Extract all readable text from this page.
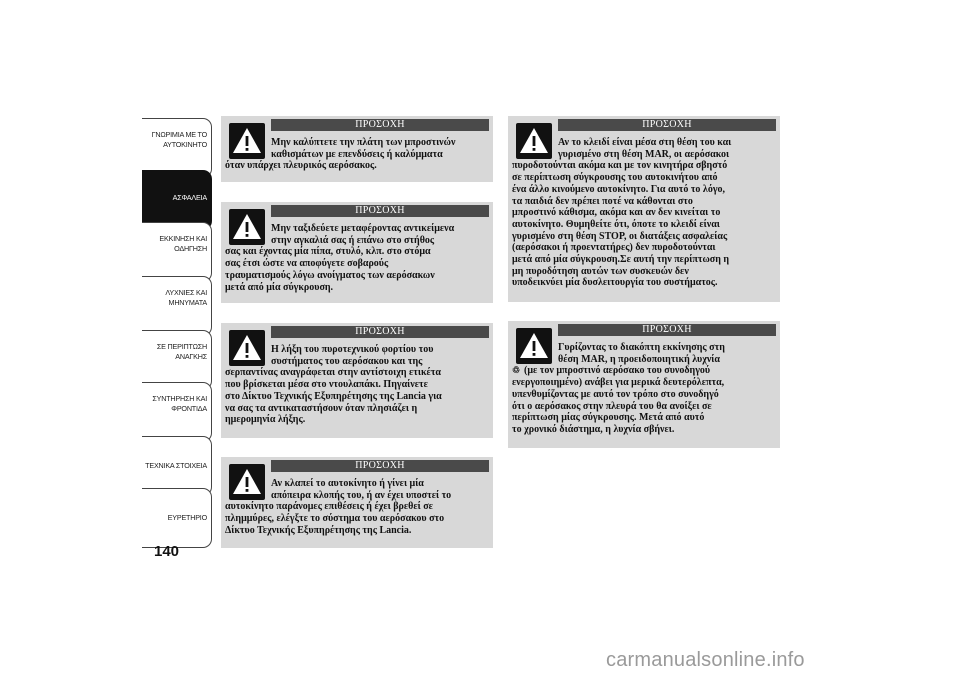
ΓΝΩΡΙΜΙΑ ΜΕ ΤΟ
ΑΥΤΟΚΙΝΗΤΟ
ΑΣΦΑΛΕΙΑ
ΕΚΚΙΝΗΣΗ ΚΑΙ
ΟΔΗΓΗΣΗ
ΛΥΧΝΙΕΣ ΚΑΙ
ΜΗΝΥΜΑΤΑ
ΣΕ ΠΕΡΙΠΤΩΣΗ
ΑΝΑΓΚΗΣ
ΣΥΝΤΗΡΗΣΗ ΚΑΙ
ΦΡΟΝΤΙΔΑ
ΤΕΧΝΙΚΑ ΣΤΟΙΧΕΙΑ
ΕΥΡΕΤΗΡΙΟ
140
ΠΡΟΣΟΧΗ

Μην καλύπτετε την πλάτη των μπροστινών

καθισμάτων με επενδύσεις ή καλύμματα

όταν υπάρχει πλευρικός αερόσακος.

ΠΡΟΣΟΧΗ

Μην ταξιδεύετε μεταφέροντας αντικείμενα

στην αγκαλιά σας ή επάνω στο στήθος

σας και έχοντας μία πίπα, στυλό, κλπ. στο στόμα

σας έτσι ώστε να αποφύγετε σοβαρούς

τραυματισμούς λόγω ανοίγματος των αερόσακων

μετά από μία σύγκρουση.

ΠΡΟΣΟΧΗ

Η λήξη του πυροτεχνικού φορτίου του

συστήματος του αερόσακου και της

σερπαντίνας αναγράφεται στην αντίστοιχη ετικέτα

που βρίσκεται μέσα στο ντουλαπάκι. Πηγαίνετε

στο Δίκτυο Τεχνικής Εξυπηρέτησης της Lancia για

να σας τα αντικαταστήσουν όταν πλησιάζει η

ημερομηνία λήξης.

ΠΡΟΣΟΧΗ

Αν κλαπεί το αυτοκίνητο ή γίνει μία

απόπειρα κλοπής του, ή αν έχει υποστεί το

αυτοκίνητο παράνομες επιθέσεις ή έχει βρεθεί σε

πλημμύρες, ελέγξτε το σύστημα του αερόσακου στο

Δίκτυο Τεχνικής Εξυπηρέτησης της Lancia.

ΠΡΟΣΟΧΗ

Αν το κλειδί είναι μέσα στη θέση του και

γυρισμένο στη θέση MAR, οι αερόσακοι

πυροδοτούνται ακόμα και με τον κινητήρα σβηστό

σε περίπτωση σύγκρουσης του αυτοκινήτου από

ένα άλλο κινούμενο αυτοκίνητο. Για αυτό το λόγο,

τα παιδιά δεν πρέπει ποτέ να κάθονται στο

μπροστινό κάθισμα, ακόμα και αν δεν κινείται το

αυτοκίνητο. Θυμηθείτε ότι, όποτε το κλειδί είναι

γυρισμένο στη θέση STOP, οι διατάξεις ασφαλείας

(αερόσακοι ή προεντατήρες) δεν πυροδοτούνται

μετά από μία σύγκρουση.Σε αυτή την περίπτωση η

μη πυροδότηση αυτών των συσκευών δεν

υποδεικνύει μία δυσλειτουργία του συστήματος.

ΠΡΟΣΟΧΗ

Γυρίζοντας το διακόπτη εκκίνησης στη

θέση MAR, η προειδοποιητική λυχνία

♲ (με τον μπροστινό αερόσακο του συνοδηγού

ενεργοποιημένο) ανάβει για μερικά δευτερόλεπτα,

υπενθυμίζοντας με αυτό τον τρόπο στο συνοδηγό

ότι ο αερόσακος στην πλευρά του θα ανοίξει σε

περίπτωση μίας σύγκρουσης. Μετά από αυτό

το χρονικό διάστημα, η λυχνία σβήνει.

carmanualsonline.info
